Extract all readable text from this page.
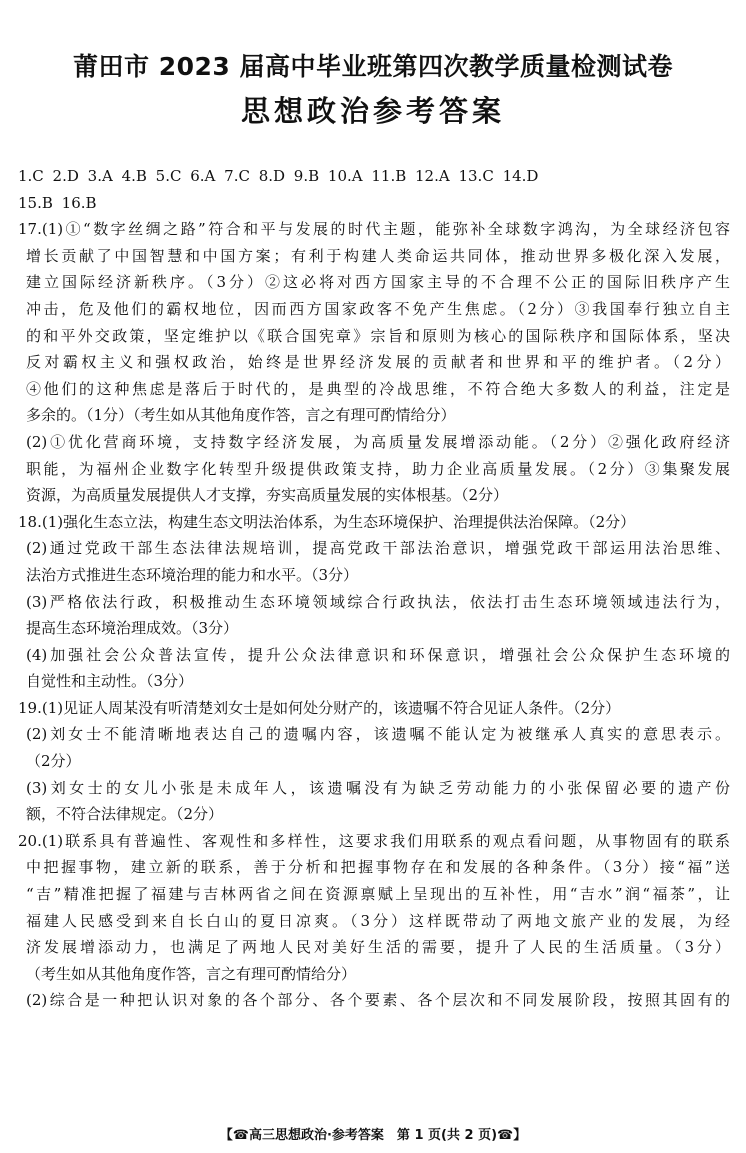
莆田市 2023 届高中毕业班第四次教学质量检测试卷
思想政治参考答案
1.C 2.D 3.A 4.B 5.C 6.A 7.C 8.D 9.B 10.A 11.B 12.A 13.C 14.D
15.B 16.B
17.(1)①“数字丝绸之路”符合和平与发展的时代主题，能弥补全球数字鸿沟，为全球经济包容
增长贡献了中国智慧和中国方案；有利于构建人类命运共同体，推动世界多极化深入发展，
建立国际经济新秩序。（3分）②这必将对西方国家主导的不合理不公正的国际旧秩序产生
冲击，危及他们的霸权地位，因而西方国家政客不免产生焦虑。（2分）③我国奉行独立自主
的和平外交政策，坚定维护以《联合国宪章》宗旨和原则为核心的国际秩序和国际体系，坚决
反对霸权主义和强权政治，始终是世界经济发展的贡献者和世界和平的维护者。（2分）
④他们的这种焦虑是落后于时代的，是典型的冷战思维，不符合绝大多数人的利益，注定是
多余的。（1分）（考生如从其他角度作答，言之有理可酌情给分）
(2)①优化营商环境，支持数字经济发展，为高质量发展增添动能。（2分）②强化政府经济
职能，为福州企业数字化转型升级提供政策支持，助力企业高质量发展。（2分）③集聚发展
资源，为高质量发展提供人才支撑，夯实高质量发展的实体根基。（2分）
18.(1)强化生态立法，构建生态文明法治体系，为生态环境保护、治理提供法治保障。（2分）
(2)通过党政干部生态法律法规培训，提高党政干部法治意识，增强党政干部运用法治思维、
法治方式推进生态环境治理的能力和水平。（3分）
(3)严格依法行政，积极推动生态环境领域综合行政执法，依法打击生态环境领域违法行为，
提高生态环境治理成效。（3分）
(4)加强社会公众普法宣传，提升公众法律意识和环保意识，增强社会公众保护生态环境的
自觉性和主动性。（3分）
19.(1)见证人周某没有听清楚刘女士是如何处分财产的，该遗嘱不符合见证人条件。（2分）
(2)刘女士不能清晰地表达自己的遗嘱内容，该遗嘱不能认定为被继承人真实的意思表示。
（2分）
(3)刘女士的女儿小张是未成年人，该遗嘱没有为缺乏劳动能力的小张保留必要的遗产份
额，不符合法律规定。（2分）
20.(1)联系具有普遍性、客观性和多样性，这要求我们用联系的观点看问题，从事物固有的联系
中把握事物，建立新的联系，善于分析和把握事物存在和发展的各种条件。（3分）接“福”送
“吉”精准把握了福建与吉林两省之间在资源禀赋上呈现出的互补性，用“吉水”润“福茶”，让
福建人民感受到来自长白山的夏日凉爽。（3分）这样既带动了两地文旅产业的发展，为经
济发展增添动力，也满足了两地人民对美好生活的需要，提升了人民的生活质量。（3分）
（考生如从其他角度作答，言之有理可酌情给分）
(2)综合是一种把认识对象的各个部分、各个要素、各个层次和不同发展阶段，按照其固有的
【☎高三思想政治·参考答案　第 1 页(共 2 页)☎】
